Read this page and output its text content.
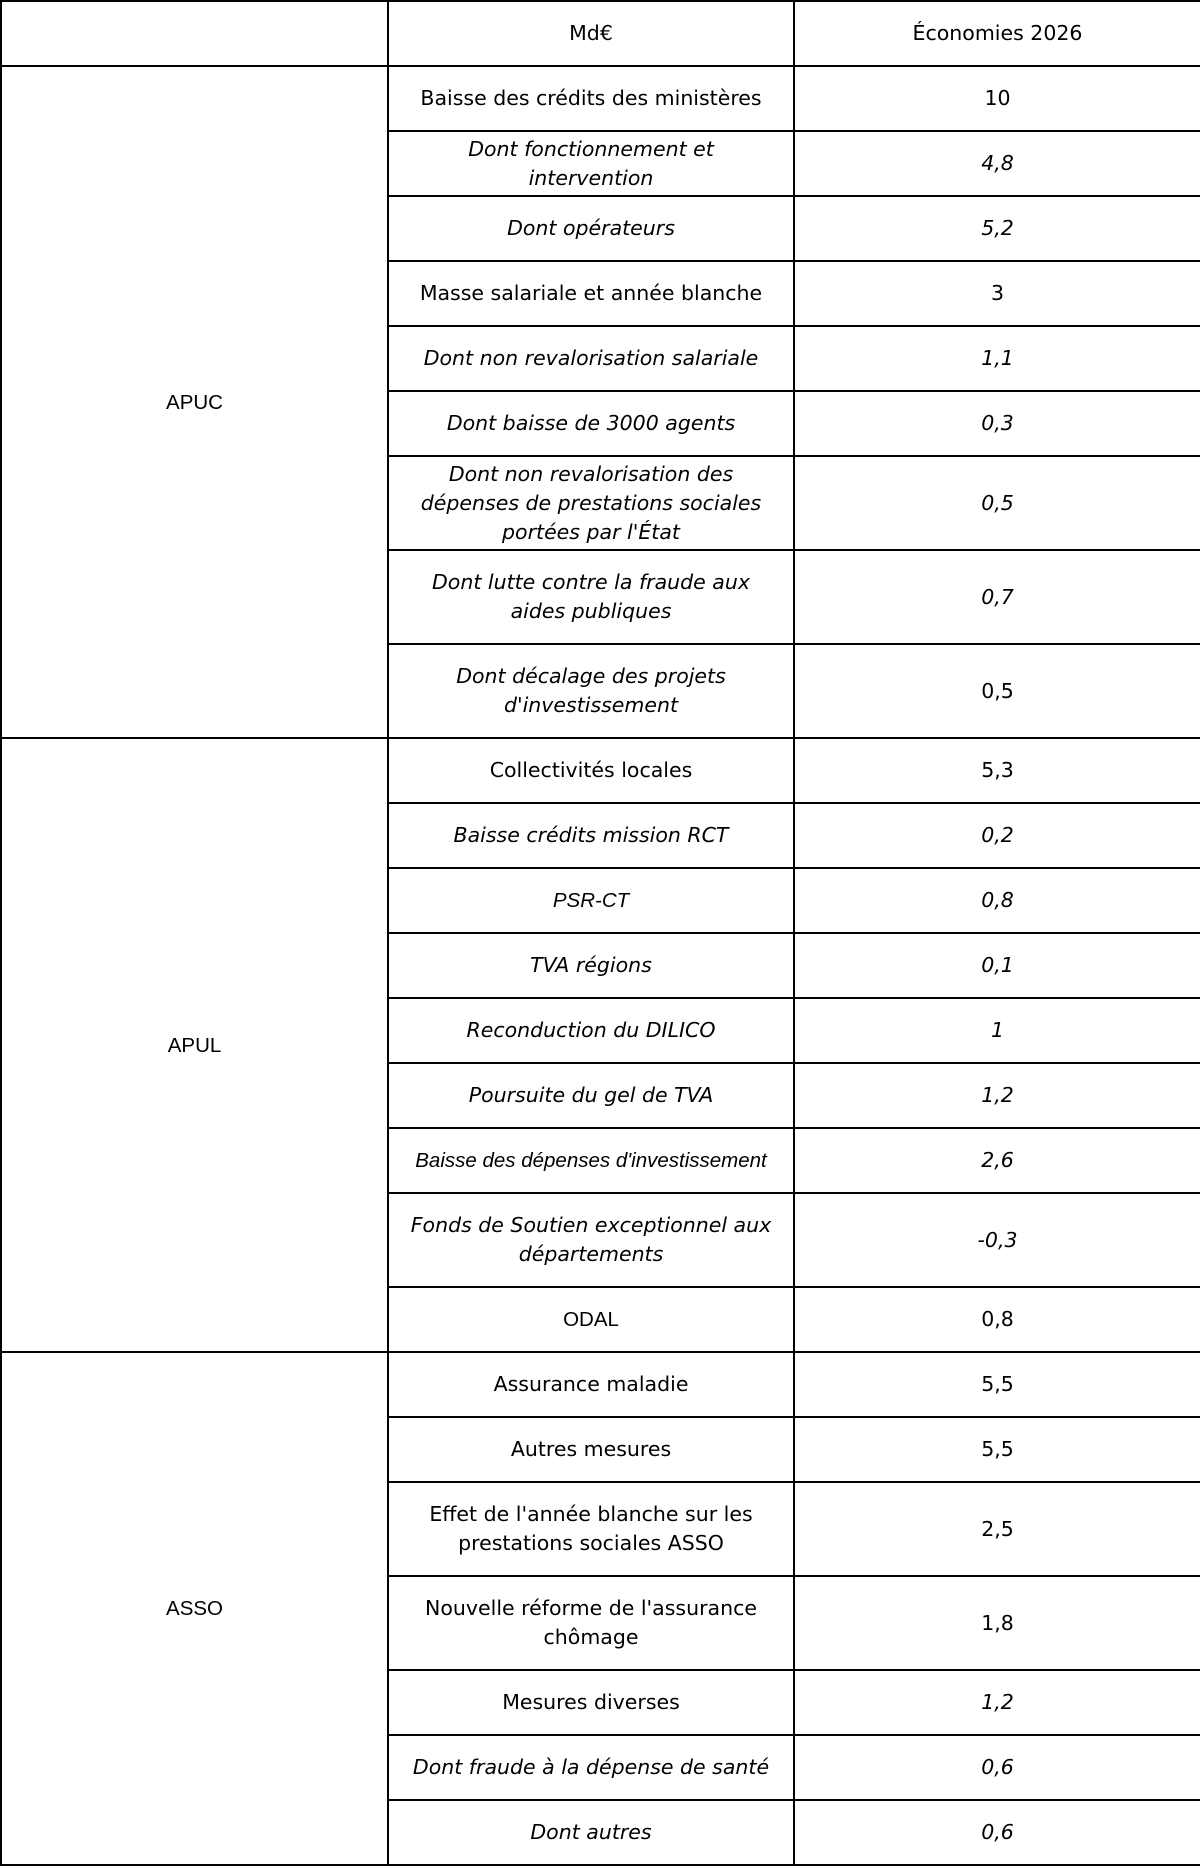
	Md€	Économies 2026
APUC	Baisse des crédits des ministères	10
	Dont fonctionnement et intervention	4,8
	Dont opérateurs	5,2
	Masse salariale et année blanche	3
	Dont non revalorisation salariale	1,1
	Dont baisse de 3000 agents	0,3
	Dont non revalorisation des dépenses de prestations sociales portées par l'État	0,5
	Dont lutte contre la fraude aux aides publiques	0,7
	Dont décalage des projets d'investissement	0,5
APUL	Collectivités locales	5,3
	Baisse crédits mission RCT	0,2
	PSR-CT	0,8
	TVA régions	0,1
	Reconduction du DILICO	1
	Poursuite du gel de TVA	1,2
	Baisse des dépenses d'investissement	2,6
	Fonds de Soutien exceptionnel aux départements	-0,3
	ODAL	0,8
ASSO	Assurance maladie	5,5
	Autres mesures	5,5
	Effet de l'année blanche sur les prestations sociales ASSO	2,5
	Nouvelle réforme de l'assurance chômage	1,8
	Mesures diverses	1,2
	Dont fraude à la dépense de santé	0,6
	Dont autres	0,6
